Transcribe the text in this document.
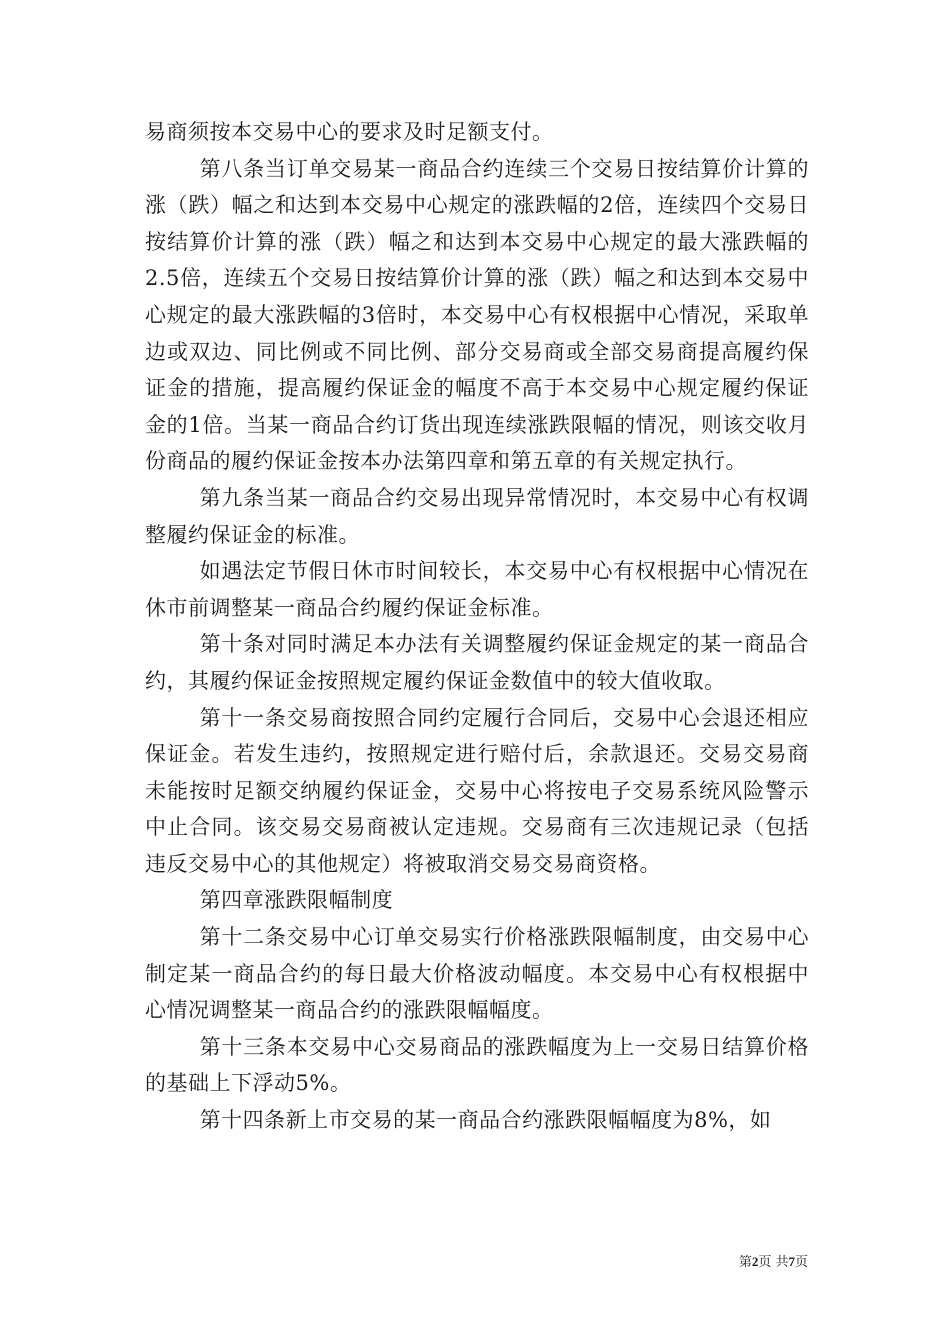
易商须按本交易中心的要求及时足额支付。

第八条当订单交易某一商品合约连续三个交易日按结算价计算的涨（跌）幅之和达到本交易中心规定的涨跌幅的2倍，连续四个交易日按结算价计算的涨（跌）幅之和达到本交易中心规定的最大涨跌幅的2.5倍，连续五个交易日按结算价计算的涨（跌）幅之和达到本交易中心规定的最大涨跌幅的3倍时，本交易中心有权根据中心情况，采取单边或双边、同比例或不同比例、部分交易商或全部交易商提高履约保证金的措施，提高履约保证金的幅度不高于本交易中心规定履约保证金的1倍。当某一商品合约订货出现连续涨跌限幅的情况，则该交收月份商品的履约保证金按本办法第四章和第五章的有关规定执行。

第九条当某一商品合约交易出现异常情况时，本交易中心有权调整履约保证金的标准。

如遇法定节假日休市时间较长，本交易中心有权根据中心情况在休市前调整某一商品合约履约保证金标准。

第十条对同时满足本办法有关调整履约保证金规定的某一商品合约，其履约保证金按照规定履约保证金数值中的较大值收取。

第十一条交易商按照合同约定履行合同后，交易中心会退还相应保证金。若发生违约，按照规定进行赔付后，余款退还。交易交易商未能按时足额交纳履约保证金，交易中心将按电子交易系统风险警示中止合同。该交易交易商被认定违规。交易商有三次违规记录（包括违反交易中心的其他规定）将被取消交易交易商资格。

第四章涨跌限幅制度

第十二条交易中心订单交易实行价格涨跌限幅制度，由交易中心制定某一商品合约的每日最大价格波动幅度。本交易中心有权根据中心情况调整某一商品合约的涨跌限幅幅度。

第十三条本交易中心交易商品的涨跌幅度为上一交易日结算价格的基础上下浮动5%。

第十四条新上市交易的某一商品合约涨跌限幅幅度为8%，如

第2页 共7页
